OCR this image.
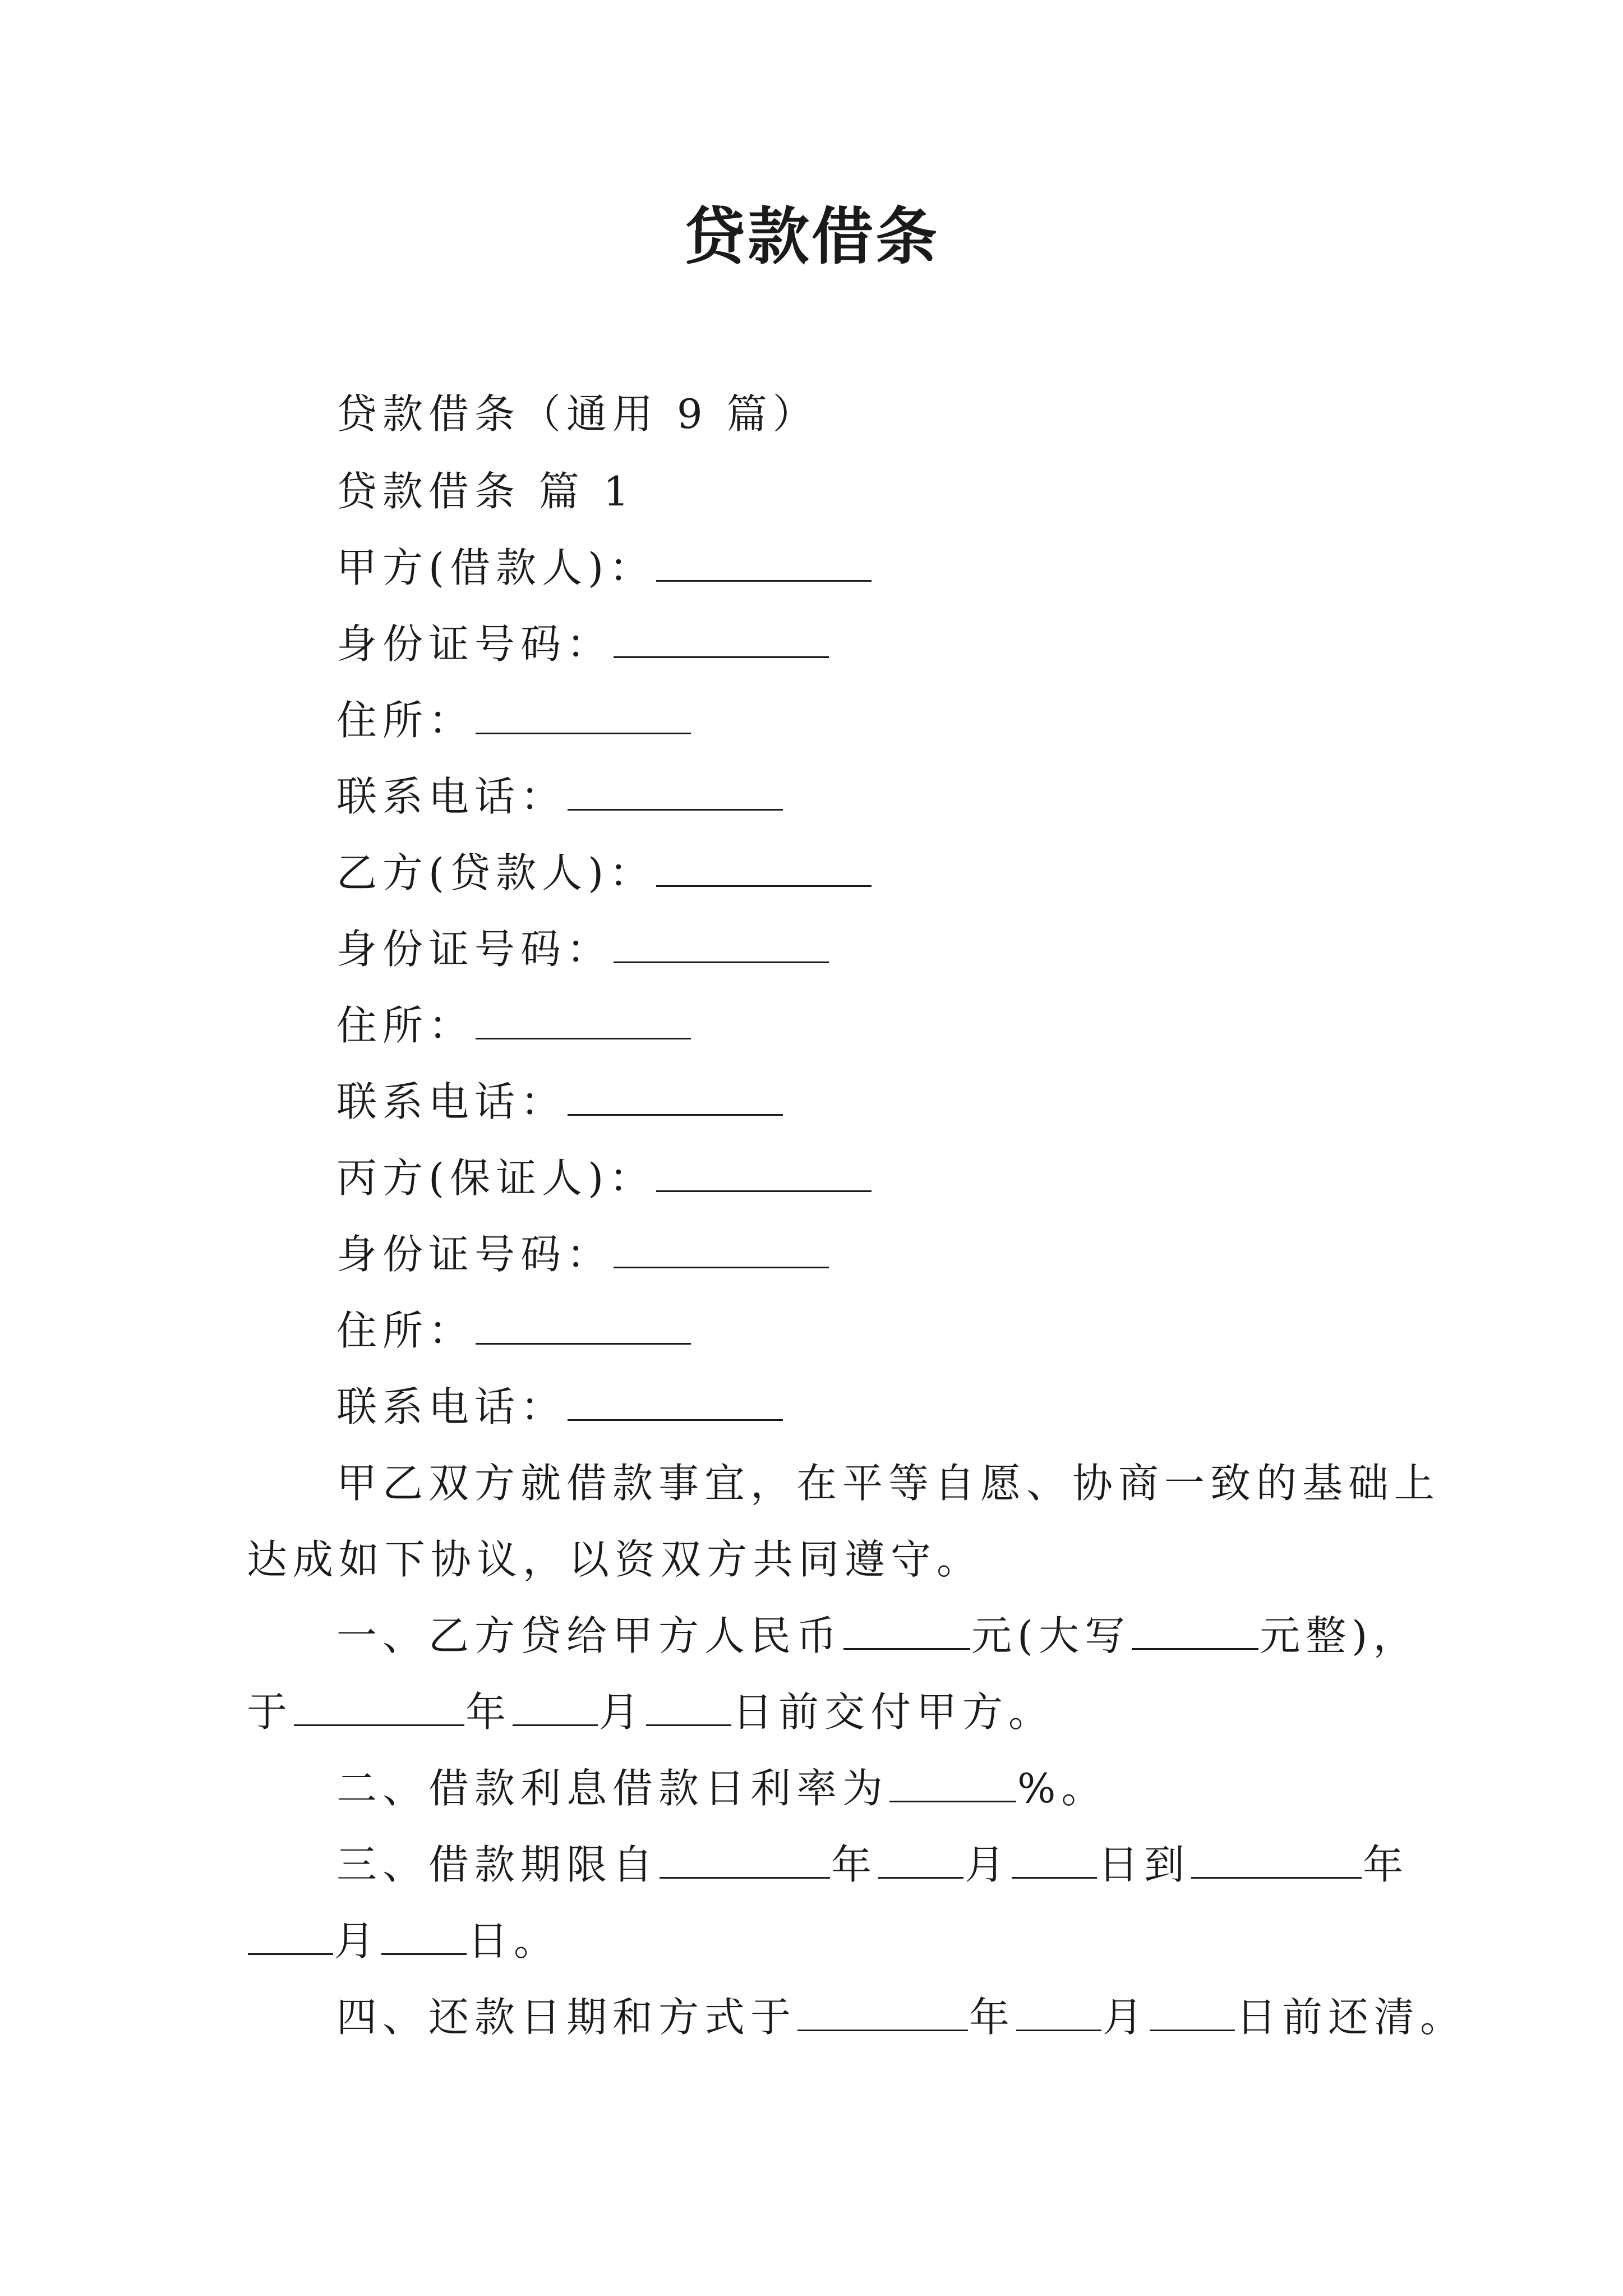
贷款借条
贷款借条（通用 9 篇）
贷款借条 篇 1
甲方(借款人)：
身份证号码：
住所：
联系电话：
乙方(贷款人)：
身份证号码：
住所：
联系电话：
丙方(保证人)：
身份证号码：
住所：
联系电话：
甲乙双方就借款事宜，在平等自愿、协商一致的基础上
达成如下协议，以资双方共同遵守。
一、乙方贷给甲方人民币	元(大写	元整)，
于	年 月 日前交付甲方。
二、借款利息借款日利率为	%。
三、借款期限自	年 月 日到	年
月 日。
四、还款日期和方式于	年 月 日前还清。
